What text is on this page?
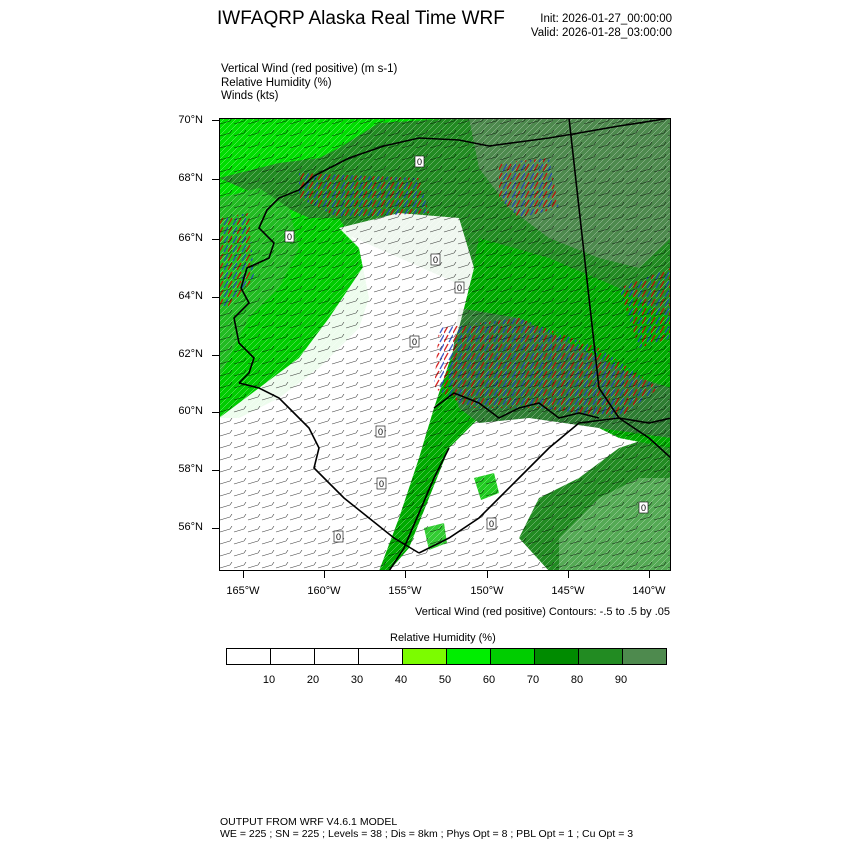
IWFAQRP Alaska Real Time WRF	Init: 2026-01-27_00:00:00
Valid: 2026-01-28_03:00:00
Vertical Wind (red positive) (m s-1)
Relative Humidity (%)
Winds (kts)
0
0
0
0
0
0
0
0
0
0
70°N
68°N
66°N
64°N
62°N
60°N
58°N
56°N
165°W	160°W	155°W	150°W	145°W	140°W
Vertical Wind (red positive) Contours: -.5 to .5 by .05
Relative Humidity (%)
10	20	30	40	50	60	70	80	90
OUTPUT FROM WRF V4.6.1 MODEL
WE = 225 ; SN = 225 ; Levels = 38 ; Dis = 8km ; Phys Opt = 8 ; PBL Opt = 1 ; Cu Opt = 3
